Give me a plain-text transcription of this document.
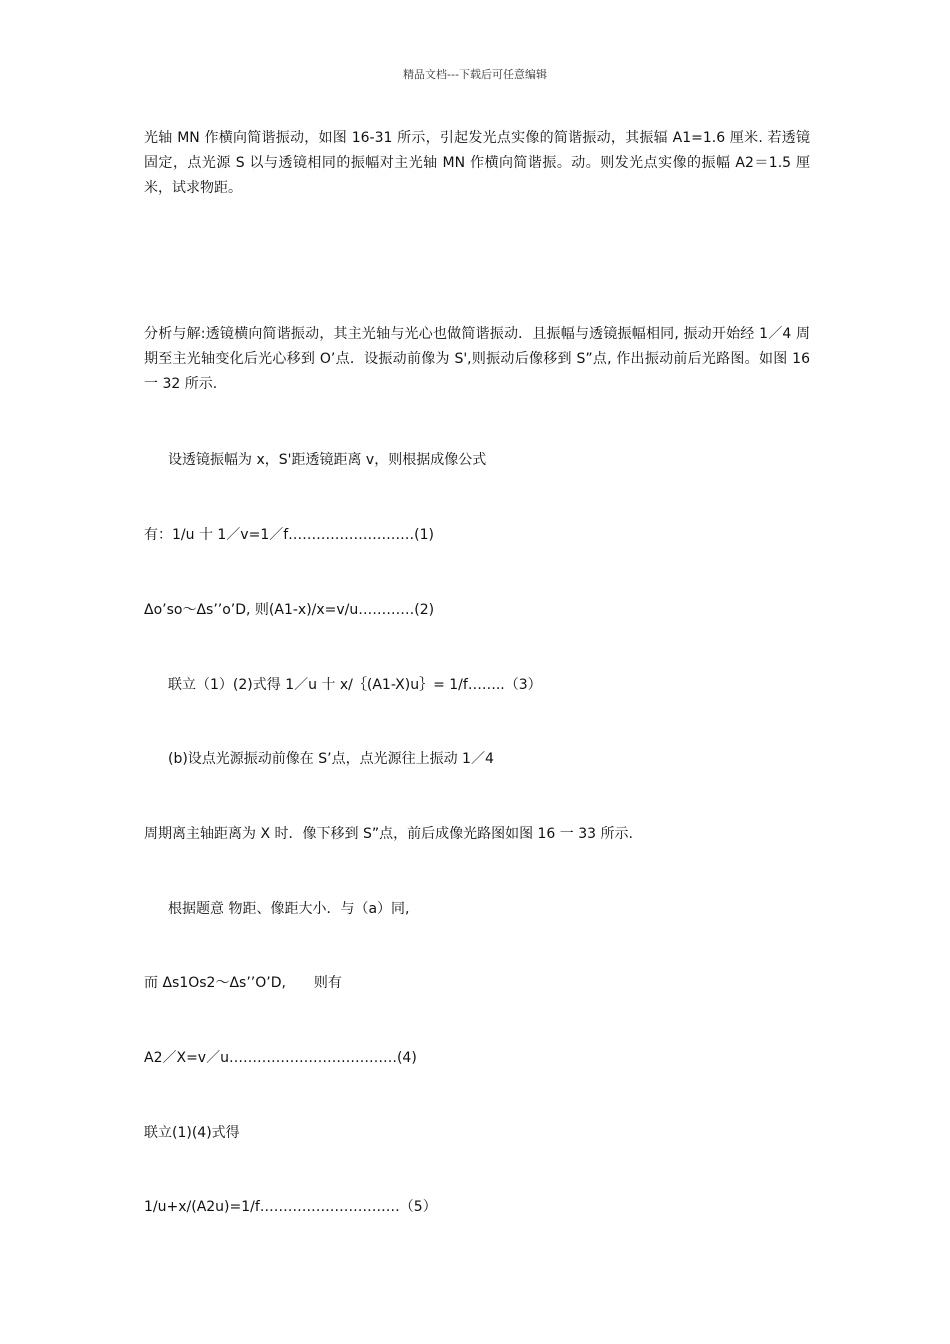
精品文档---下载后可任意编辑

光轴 MN 作横向简谐振动，如图 16-31 所示，引起发光点实像的简谐振动，其振辐 A1=1.6 厘米. 若透镜固定，点光源 S 以与透镜相同的振幅对主光轴 MN 作横向简谐振。动。则发光点实像的振幅 A2＝1.5 厘米，试求物距。

分析与解:透镜横向简谐振动，其主光轴与光心也做简谐振动．且振幅与透镜振幅相同, 振动开始经 1／4 周期至主光轴变化后光心移到 O’点．设振动前像为 S',则振动后像移到 S”点, 作出振动前后光路图。如图 16 一 32 所示.

设透镜振幅为 x，S'距透镜距离 v，则根据成像公式

有：1/u 十 1／v=1／f………………………(1)

Δo’so～Δs’’o’D, 则(A1-x)/x=v/u…………(2)

联立（1）(2)式得 1／u 十 x/｛(A1-X)u｝= 1/f……..（3）

(b)设点光源振动前像在 S’点，点光源往上振动 1／4

周期离主轴距离为 X 时．像下移到 S”点，前后成像光路图如图 16 一 33 所示.

根据题意 物距、像距大小．与（a）同,

而 Δs1Os2～Δs’’O’D,　　则有

A2／X=v／u………………………………(4)

联立(1)(4)式得

1/u+x/(A2u)=1/f…………………………（5）
